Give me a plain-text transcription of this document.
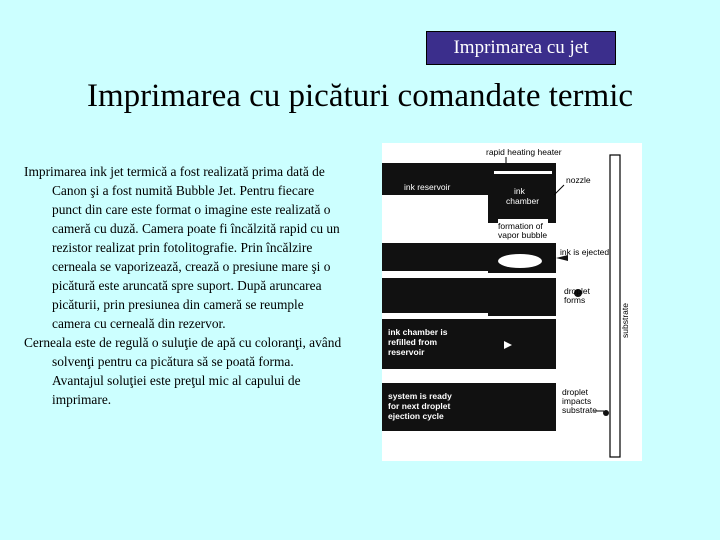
Imprimarea cu jet
Imprimarea cu picături comandate termic

Imprimarea ink jet termică a fost realizată prima dată de Canon şi a fost numită Bubble Jet. Pentru fiecare punct din care este format o imagine este realizată o cameră cu duză. Camera poate fi încălzită rapid cu un rezistor realizat prin fotolitografie. Prin încălzire cerneala se vaporizează, crează o presiune mare şi o picătură este aruncată spre suport. După aruncarea picăturii, prin presiunea din cameră se reumple camera cu cerneală din rezervor.

Cerneala este de regulă o suluţie de apă cu coloranţi, având solvenţi pentru ca picătura să se poată forma. Avantajul soluţiei este preţul mic al capului de imprimare.

substrate
rapid heating heater
ink reservoir	ink
chamber
nozzle
formation of
vapor bubble
ink is ejected
droplet
forms
ink chamber is
refilled from
reservoir
system is ready
for next droplet
ejection cycle
droplet
impacts
substrate
